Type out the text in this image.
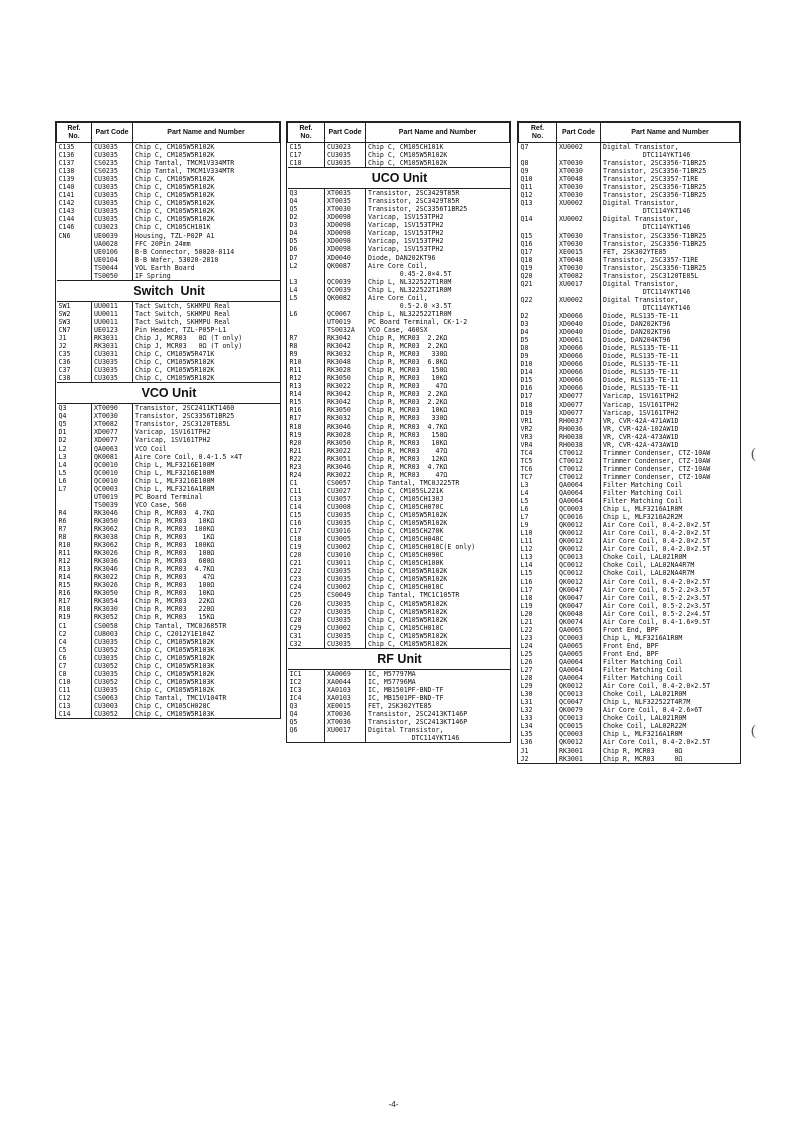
Ref.
No.	Part Code	Part Name and Number
C135	CU3035	Chip C, CM105W5R102K
C136	CU3035	Chip C, CM105W5R102K
C137	CS0235	Chip Tantal, TMCM1V334MTR
C138	CS0235	Chip Tantal, TMCM1V334MTR
C139	CU3035	Chip C, CM105W5R102K
C140	CU3035	Chip C, CM105W5R102K
C141	CU3035	Chip C, CM105W5R102K
C142	CU3035	Chip C, CM105W5R102K
C143	CU3035	Chip C, CM105W5R102K
C144	CU3035	Chip C, CM105W5R102K
C146	CU3023	Chip C, CM105CH101K
CN6	UE0039	Housing, TZL-P02P A1
	UA0028	FFC 20Pin 24mm
	UE0106	B-B Connector, 50020-8114
	UE0104	B-B Wafer, 53020-2810
	TS0044	VOL Earth Board
	TS0050	IF Spring

Switch  Unit		

SW1	UU0011	Tact Switch, SKHMPU Real
SW2	UU0011	Tact Switch, SKHMPU Real
SW3	UU0011	Tact Switch, SKHMPU Real

CN7	UE0123	Pin Header, TZL-P05P-L1

J1	RK3031	Chip J, MCR03   0Ω (T only)
J2	RK3031	Chip J, MCR03   0Ω (T only)

C35	CU3031	Chip C, CM105W5R471K
C36	CU3035	Chip C, CM105W5R102K
C37	CU3035	Chip C, CM105W5R102K
C38	CU3035	Chip C, CM105W5R102K

VCO Unit		

Q3	XT0090	Transistor, 2SC2411KT1460
Q4	XT0030	Transistor, 2SC3356T1BR25
Q5	XT0082	Transistor, 2SC3120TE85L

D1	XD0077	Varicap, 1SV161TPH2
D2	XD0077	Varicap, 1SV161TPH2

L2	QA0063	VCO Coil
L3	QK0081	Aire Core Coil, 0.4-1.5 ×4T
L4	QC0010	Chip L, MLF3216E100M
L5	QC0010	Chip L, MLF3216E100M
L6	QC0010	Chip L, MLF3216E100M
L7	QC0003	Chip L, MLF3216A1R0M

	UT0019	PC Board Terminal
	TS0039	VCO Case, 560

R4	RK3046	Chip R, MCR03  4.7KΩ
R6	RK3050	Chip R, MCR03   10KΩ
R7	RK3062	Chip R, MCR03  100KΩ
R8	RK3038	Chip R, MCR03    1KΩ
R10	RK3062	Chip R, MCR03  100KΩ
R11	RK3026	Chip R, MCR03   100Ω
R12	RK3036	Chip R, MCR03   680Ω
R13	RK3046	Chip R, MCR03  4.7KΩ
R14	RK3022	Chip R, MCR03    47Ω
R15	RK3026	Chip R, MCR03   100Ω
R16	RK3050	Chip R, MCR03   10KΩ
R17	RK3054	Chip R, MCR03   22KΩ
R18	RK3030	Chip R, MCR03   220Ω
R19	RK3052	Chip R, MCR03   15KΩ

C1	CS0058	Chip Tantal, TMC0J685TR
C2	CU8003	Chip C, C2012Y1E104Z
C4	CU3035	Chip C, CM105W5R102K
C5	CU3052	Chip C, CM105W5R103K
C6	CU3035	Chip C, CM105W5R102K
C7	CU3052	Chip C, CM105W5R103K
C8	CU3035	Chip C, CM105W5R102K
C10	CU3052	Chip C, CM105W5R103K
C11	CU3035	Chip C, CM105W5R102K
C12	CS0063	Chip Tantal, TMC1V104TR
C13	CU3003	Chip C, CM105CH020C
C14	CU3052	Chip C, CM105W5R103K
Ref.
No.	Part Code	Part Name and Number
C15	CU3023	Chip C, CM105CH101K
C17	CU3035	Chip C, CM105W5R102K
C18	CU3035	Chip C, CM105W5R102K

UCO Unit		

Q3	XT0035	Transistor, 2SC3429T85R
Q4	XT0035	Transistor, 2SC3429T85R
Q5	XT0030	Transistor, 2SC3356T1BR25

D2	XD0098	Varicap, 1SV153TPH2
D3	XD0098	Varicap, 1SV153TPH2
D4	XD0098	Varicap, 1SV153TPH2
D5	XD0098	Varicap, 1SV153TPH2
D6	XD0098	Varicap, 1SV153TPH2
D7	XD0040	Diode, DAN202KT96

L2	QK0087	Aire Core Coil,
		0.45-2.0×4.5T
L3	QC0039	Chip L, NL322522T1R0M
L4	QC0039	Chip L, NL322522T1R0M
L5	QK0082	Aire Core Coil,
		0.5-2.0 ×3.5T
L6	QC0067	Chip L, NL322522T1R0M
	UT0019	PC Board Terminal, CK-1-2
	TS0032A	VCO Case, 460SX

R7	RK3042	Chip R, MCR03  2.2KΩ
R8	RK3042	Chip R, MCR03  2.2KΩ
R9	RK3032	Chip R, MCR03   330Ω
R10	RK3048	Chip R, MCR03  6.8KΩ
R11	RK3028	Chip R, MCR03   150Ω
R12	RK3050	Chip R, MCR03   10KΩ
R13	RK3022	Chip R, MCR03    47Ω
R14	RK3042	Chip R, MCR03  2.2KΩ
R15	RK3042	Chip R, MCR03  2.2KΩ
R16	RK3050	Chip R, MCR03   10KΩ
R17	RK3032	Chip R, MCR03   330Ω
R18	RK3046	Chip R, MCR03  4.7KΩ
R19	RK3028	Chip R, MCR03   150Ω
R20	RK3050	Chip R, MCR03   10KΩ
R21	RK3022	Chip R, MCR03    47Ω
R22	RK3051	Chip R, MCR03   12KΩ
R23	RK3046	Chip R, MCR03  4.7KΩ
R24	RK3022	Chip R, MCR03    47Ω

C1	CS0057	Chip Tantal, TMC0J225TR
C11	CU3027	Chip C, CM105SL221K
C13	CU3057	Chip C, CM105CH130J
C14	CU3008	Chip C, CM105CH070C
C15	CU3035	Chip C, CM105W5R102K
C16	CU3035	Chip C, CM105W5R102K
C17	CU3016	Chip C, CM105CH270K
C18	CU3005	Chip C, CM105CH040C
C19	CU3002	Chip C, CM105CH010C(E only)
C20	CU3010	Chip C, CM105CH090C
C21	CU3011	Chip C, CM105CH100K
C22	CU3035	Chip C, CM105W5R102K
C23	CU3035	Chip C, CM105W5R102K
C24	CU3002	Chip C, CM105CH010C
C25	CS0049	Chip Tantal, TMC1C105TR
C26	CU3035	Chip C, CM105W5R102K
C27	CU3035	Chip C, CM105W5R102K
C28	CU3035	Chip C, CM105W5R102K
C29	CU3002	Chip C, CM105CH010C
C31	CU3035	Chip C, CM105W5R102K
C32	CU3035	Chip C, CM105W5R102K

RF Unit		

IC1	XA0069	IC, M57797MA
IC2	XA0044	IC, M57796MA
IC3	XA0103	IC, MB1501PF-BND-TF
IC4	XA0103	IC, MB1501PF-BND-TF

Q3	XE0015	FET, 2SK302YTE85
Q4	XT0036	Transistor, 2SC2413KT146P
Q5	XT0036	Transistor, 2SC2413KT146P
Q6	XU0017	Digital Transistor,
		DTC114YKT146
Ref.
No.	Part Code	Part Name and Number

Q7	XU0002	Digital Transistor,
		DTC114YKT146
Q8	XT0030	Transistor, 2SC3356-T1BR25
Q9	XT0030	Transistor, 2SC3356-T1BR25
Q10	XT0048	Transistor, 2SC3357-T1RE
Q11	XT0030	Transistor, 2SC3356-T1BR25
Q12	XT0030	Transistor, 2SC3356-T1BR25
Q13	XU0002	Digital Transistor,
		DTC114YKT146

Q14	XU0002	Digital Transistor,
		DTC114YKT146
Q15	XT0030	Transistor, 2SC3356-T1BR25
Q16	XT0030	Transistor, 2SC3356-T1BR25
Q17	XE0015	FET, 2SK302YTE85
Q18	XT0048	Transistor, 2SC3357-T1RE
Q19	XT0030	Transistor, 2SC3356-T1BR25
Q20	XT0082	Transistor, 2SC3120TE85L
Q21	XU0017	Digital Transistor,
		DTC114YKT146

Q22	XU0002	Digital Transistor,
		DTC114YKT146

D2	XD0066	Diode, RLS135-TE-11
D3	XD0040	Diode, DAN202KT96
D4	XD0040	Diode, DAN202KT96
D5	XD0061	Diode, DAN204KT96
D8	XD0066	Diode, RLS135-TE-11
D9	XD0066	Diode, RLS135-TE-11
D10	XD0066	Diode, RLS135-TE-11
D14	XD0066	Diode, RLS135-TE-11
D15	XD0066	Diode, RLS135-TE-11
D16	XD0066	Diode, RLS135-TE-11
D17	XD0077	Varicap, 1SV161TPH2
D18	XD0077	Varicap, 1SV161TPH2
D19	XD0077	Varicap, 1SV161TPH2
VR1	RH0037	VR, CVR-42A-471AW1D
VR2	RH0036	VR, CVR-42A-102AW1D
VR3	RH0038	VR, CVR-42A-473AW1D
VR4	RH0038	VR, CVR-42A-473AW1D

TC4	CT0012	Trimmer Condenser, CTZ-10AW
TC5	CT0012	Trimmer Condenser, CTZ-10AW
TC6	CT0012	Trimmer Condenser, CTZ-10AW
TC7	CT0012	Trimmer Condenser, CTZ-10AW

L3	QA0064	Filter Matching Coil
L4	QA0064	Filter Matching Coil
L5	QA0064	Filter Matching Coil
L6	QC0003	Chip L, MLF3216A1R0M
L7	QC0016	Chip L, MLF3216A2R2M
L9	QK0012	Air Core Coil, 0.4-2.0×2.5T
L10	QK0012	Air Core Coil, 0.4-2.0×2.5T
L11	QK0012	Air Core Coil, 0.4-2.0×2.5T
L12	QK0012	Air Core Coil, 0.4-2.0×2.5T
L13	QC0013	Choke Coil, LAL021R0M
L14	QC0012	Choke Coil, LAL02NA4R7M
L15	QC0012	Choke Coil, LAL02NA4R7M
L16	QK0012	Air Core Coil, 0.4-2.0×2.5T
L17	QK0047	Air Core Coil, 0.5-2.2×3.5T
L18	QK0047	Air Core Coil, 0.5-2.2×3.5T
L19	QK0047	Air Core Coil, 0.5-2.2×3.5T
L20	QK0048	Air Core Coil, 0.5-2.2×4.5T
L21	QK0074	Air Core Coil, 0.4-1.6×9.5T
L22	QA0065	Front End, BPF
L23	QC0003	Chip L, MLF3216A1R0M
L24	QA0065	Front End, BPF
L25	QA0065	Front End, BPF
L26	QA0064	Filter Matching Coil
L27	QA0064	Filter Matching Coil
L28	QA0064	Filter Matching Coil
L29	QK0012	Air Core Coil, 0.4-2.0×2.5T
L30	QC0013	Choke Coil, LAL021R0M
L31	QC0047	Chip L, NLF322522T4R7M
L32	QK0079	Air Core Coil, 0.4-2.6×6T
L33	QC0013	Choke Coil, LAL021R0M
L34	QC0015	Choke Coil, LAL02R22M
L35	QC0003	Chip L, MLF3216A1R0M
L36	QK0012	Air Core Coil, 0.4-2.0×2.5T

J1	RK3001	Chip R, MCR03     0Ω
J2	RK3001	Chip R, MCR03     0Ω
-4-
(
(
